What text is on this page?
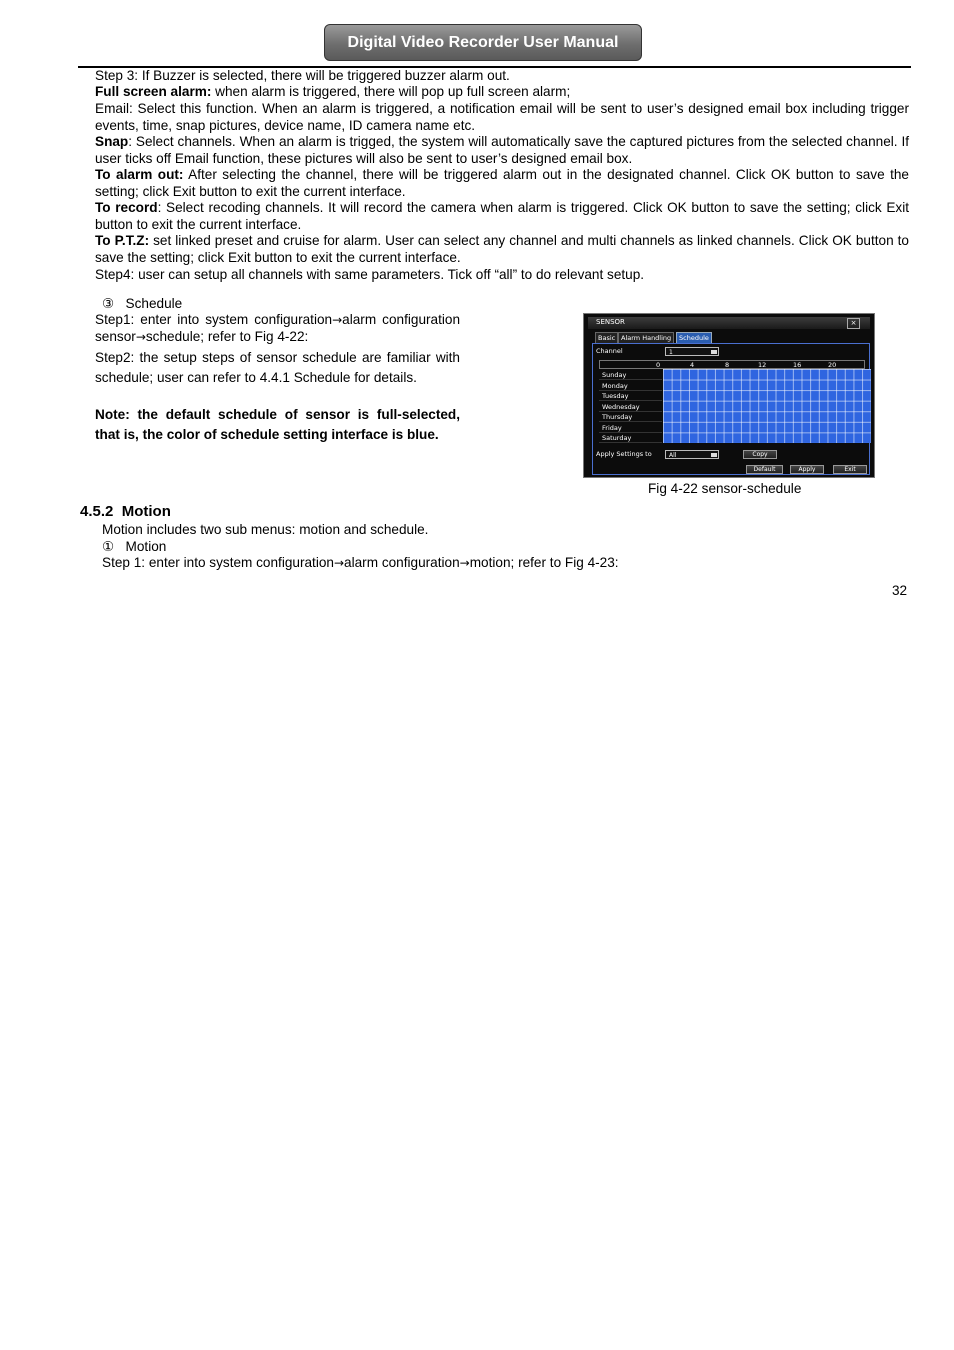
Digital Video Recorder User Manual
Step 3: If Buzzer is selected, there will be triggered buzzer alarm out.
Full screen alarm: when alarm is triggered, there will pop up full screen alarm;
Email: Select this function. When an alarm is triggered, a notification email will be sent to user’s designed email box including trigger events, time, snap pictures, device name, ID camera name etc.
Snap: Select channels. When an alarm is trigged, the system will automatically save the captured pictures from the selected channel. If user ticks off Email function, these pictures will also be sent to user’s designed email box.
To alarm out: After selecting the channel, there will be triggered alarm out in the designated channel. Click OK button to save the setting; click Exit button to exit the current interface.
To record: Select recoding channels. It will record the camera when alarm is triggered. Click OK button to save the setting; click Exit button to exit the current interface.
To P.T.Z: set linked preset and cruise for alarm. User can select any channel and multi channels as linked channels. Click OK button to save the setting; click Exit button to exit the current interface.
Step4: user can setup all channels with same parameters. Tick off “all” to do relevant setup.
③ Schedule
Step1: enter into system configuration→alarm configuration
sensor→schedule; refer to Fig 4-22:
Step2: the setup steps of sensor schedule are familiar with schedule; user can refer to 4.4.1 Schedule for details.
Note: the default schedule of sensor is full-selected, that is, the color of schedule setting interface is blue.
SENSOR	×
Basic Alarm Handling	Schedule
Channel	1
0	4	8	12	16	20
Sunday
Monday
Tuesday
Wednesday
Thursday
Friday
Saturday
Apply Settings to	All	Copy
Default	Apply	Exit
Fig 4-22 sensor-schedule
4.5.2 Motion
Motion includes two sub menus: motion and schedule.
① Motion
Step 1: enter into system configuration→alarm configuration→motion; refer to Fig 4-23:
32
